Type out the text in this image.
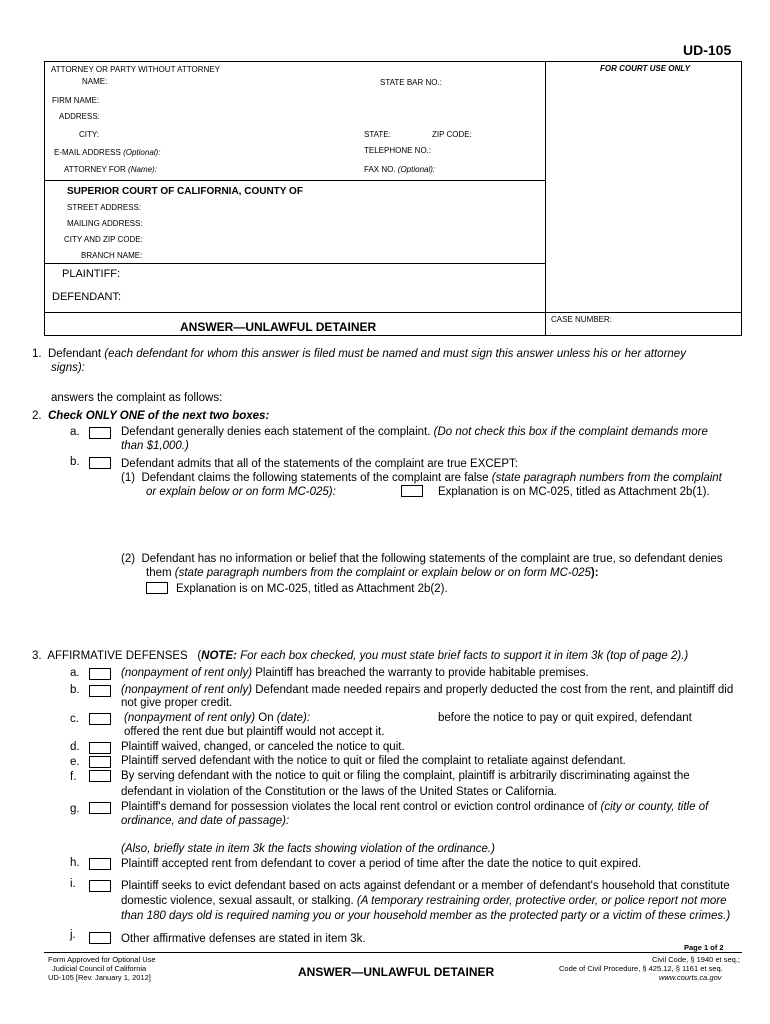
UD-105
FOR COURT USE ONLY
ATTORNEY OR PARTY WITHOUT ATTORNEY
NAME:	STATE BAR NO.:
FIRM NAME:
ADDRESS:
CITY:	STATE:	ZIP CODE:
E-MAIL ADDRESS (Optional):	TELEPHONE NO.:
ATTORNEY FOR (Name):	FAX NO. (Optional):
SUPERIOR COURT OF CALIFORNIA, COUNTY OF
STREET ADDRESS:
MAILING ADDRESS:
CITY AND ZIP CODE:
BRANCH NAME:
PLAINTIFF:
DEFENDANT:
CASE NUMBER:
ANSWER—UNLAWFUL DETAINER
1. Defendant (each defendant for whom this answer is filed must be named and must sign this answer unless his or her attorney
signs):
answers the complaint as follows:
2. Check ONLY ONE of the next two boxes:
a.	Defendant generally denies each statement of the complaint. (Do not check this box if the complaint demands more
than $1,000.)
b.	Defendant admits that all of the statements of the complaint are true EXCEPT:
(1) Defendant claims the following statements of the complaint are false (state paragraph numbers from the complaint
or explain below or on form MC-025):	Explanation is on MC-025, titled as Attachment 2b(1).
(2) Defendant has no information or belief that the following statements of the complaint are true, so defendant denies
them (state paragraph numbers from the complaint or explain below or on form MC-025):
Explanation is on MC-025, titled as Attachment 2b(2).
3. AFFIRMATIVE DEFENSES (NOTE: For each box checked, you must state brief facts to support it in item 3k (top of page 2).)
a.	(nonpayment of rent only) Plaintiff has breached the warranty to provide habitable premises.
b.	(nonpayment of rent only) Defendant made needed repairs and properly deducted the cost from the rent, and plaintiff did
not give proper credit.
c.	(nonpayment of rent only) On (date):	before the notice to pay or quit expired, defendant
offered the rent due but plaintiff would not accept it.
d.	Plaintiff waived, changed, or canceled the notice to quit.
e.	Plaintiff served defendant with the notice to quit or filed the complaint to retaliate against defendant.
f.	By serving defendant with the notice to quit or filing the complaint, plaintiff is arbitrarily discriminating against the
defendant in violation of the Constitution or the laws of the United States or California.
g.	Plaintiff's demand for possession violates the local rent control or eviction control ordinance of (city or county, title of
ordinance, and date of passage):
(Also, briefly state in item 3k the facts showing violation of the ordinance.)
h.	Plaintiff accepted rent from defendant to cover a period of time after the date the notice to quit expired.
i.	Plaintiff seeks to evict defendant based on acts against defendant or a member of defendant's household that constitute
domestic violence, sexual assault, or stalking. (A temporary restraining order, protective order, or police report not more
than 180 days old is required naming you or your household member as the protected party or a victim of these crimes.)
j.	Other affirmative defenses are stated in item 3k.
Page 1 of 2
Form Approved for Optional Use
Judicial Council of California
UD-105 [Rev. January 1, 2012]	ANSWER—UNLAWFUL DETAINER
Civil Code, § 1940 et seq.;
Code of Civil Procedure, § 425.12, § 1161 et seq.
www.courts.ca.gov
